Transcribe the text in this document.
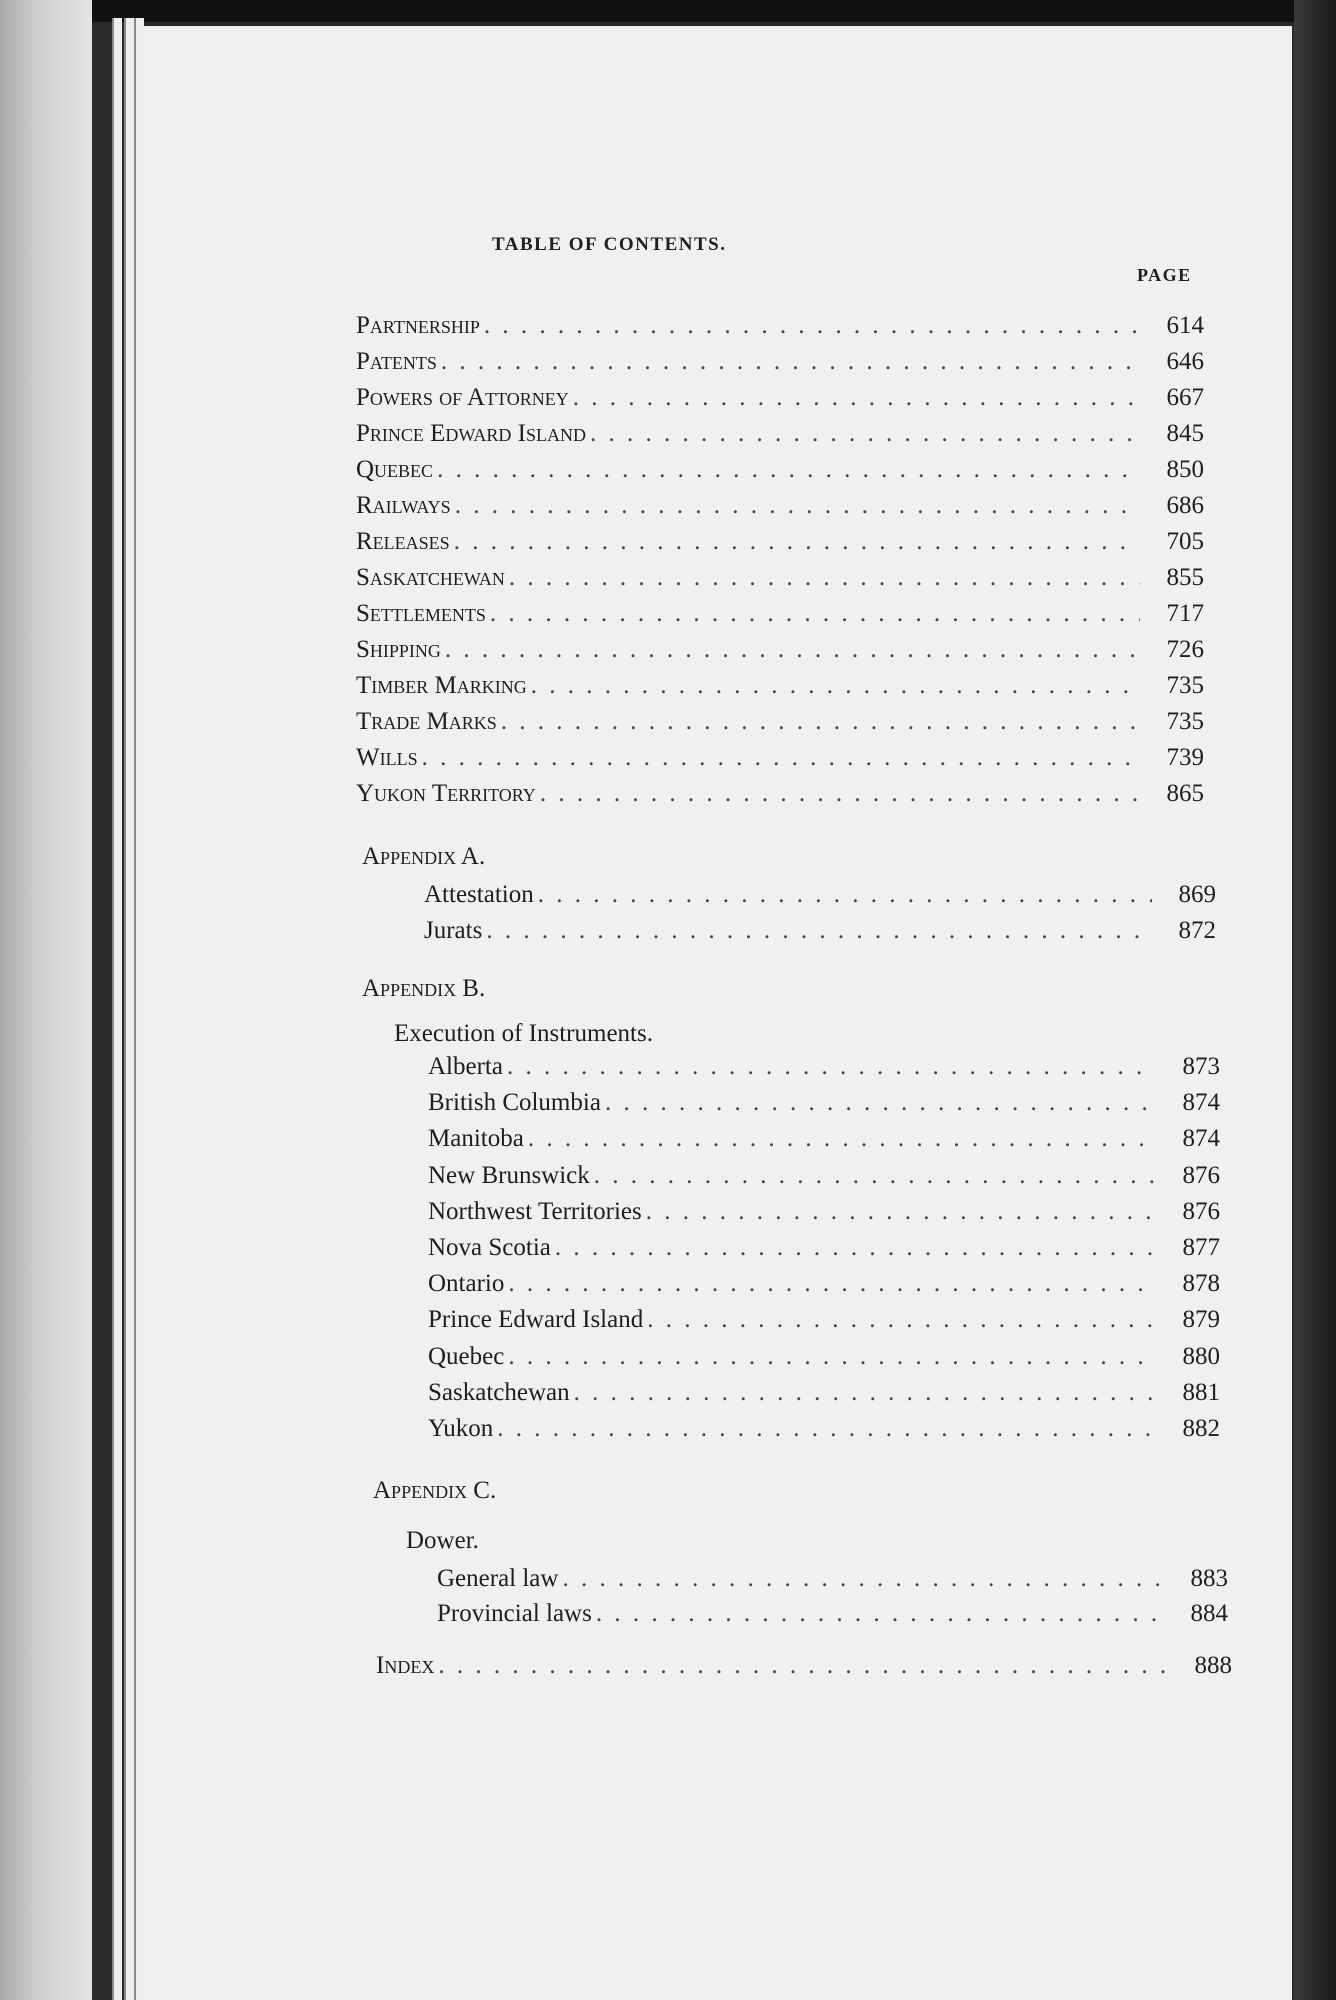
TABLE OF CONTENTS.
PAGE
Partnership . . .	614
Patents . . .	646
Powers of Attorney . . .	667
Prince Edward Island . . .	845
Quebec . . .	850
Railways . . .	686
Releases . . .	705
Saskatchewan . . .	855
Settlements . . .	717
Shipping . . .	726
Timber Marking . . .	735
Trade Marks . . .	735
Wills . . .	739
Yukon Territory . . .	865
Appendix A.
Attestation . . .	869
Jurats . . .	872
Appendix B.
Execution of Instruments.
Alberta . . .	873
British Columbia . . .	874
Manitoba . . .	874
New Brunswick . . .	876
Northwest Territories . . .	876
Nova Scotia . . .	877
Ontario . . .	878
Prince Edward Island . . .	879
Quebec . . .	880
Saskatchewan . . .	881
Yukon . . .	882
Appendix C.
Dower.
General law . . .	883
Provincial laws . . .	884
Index . . .	888
